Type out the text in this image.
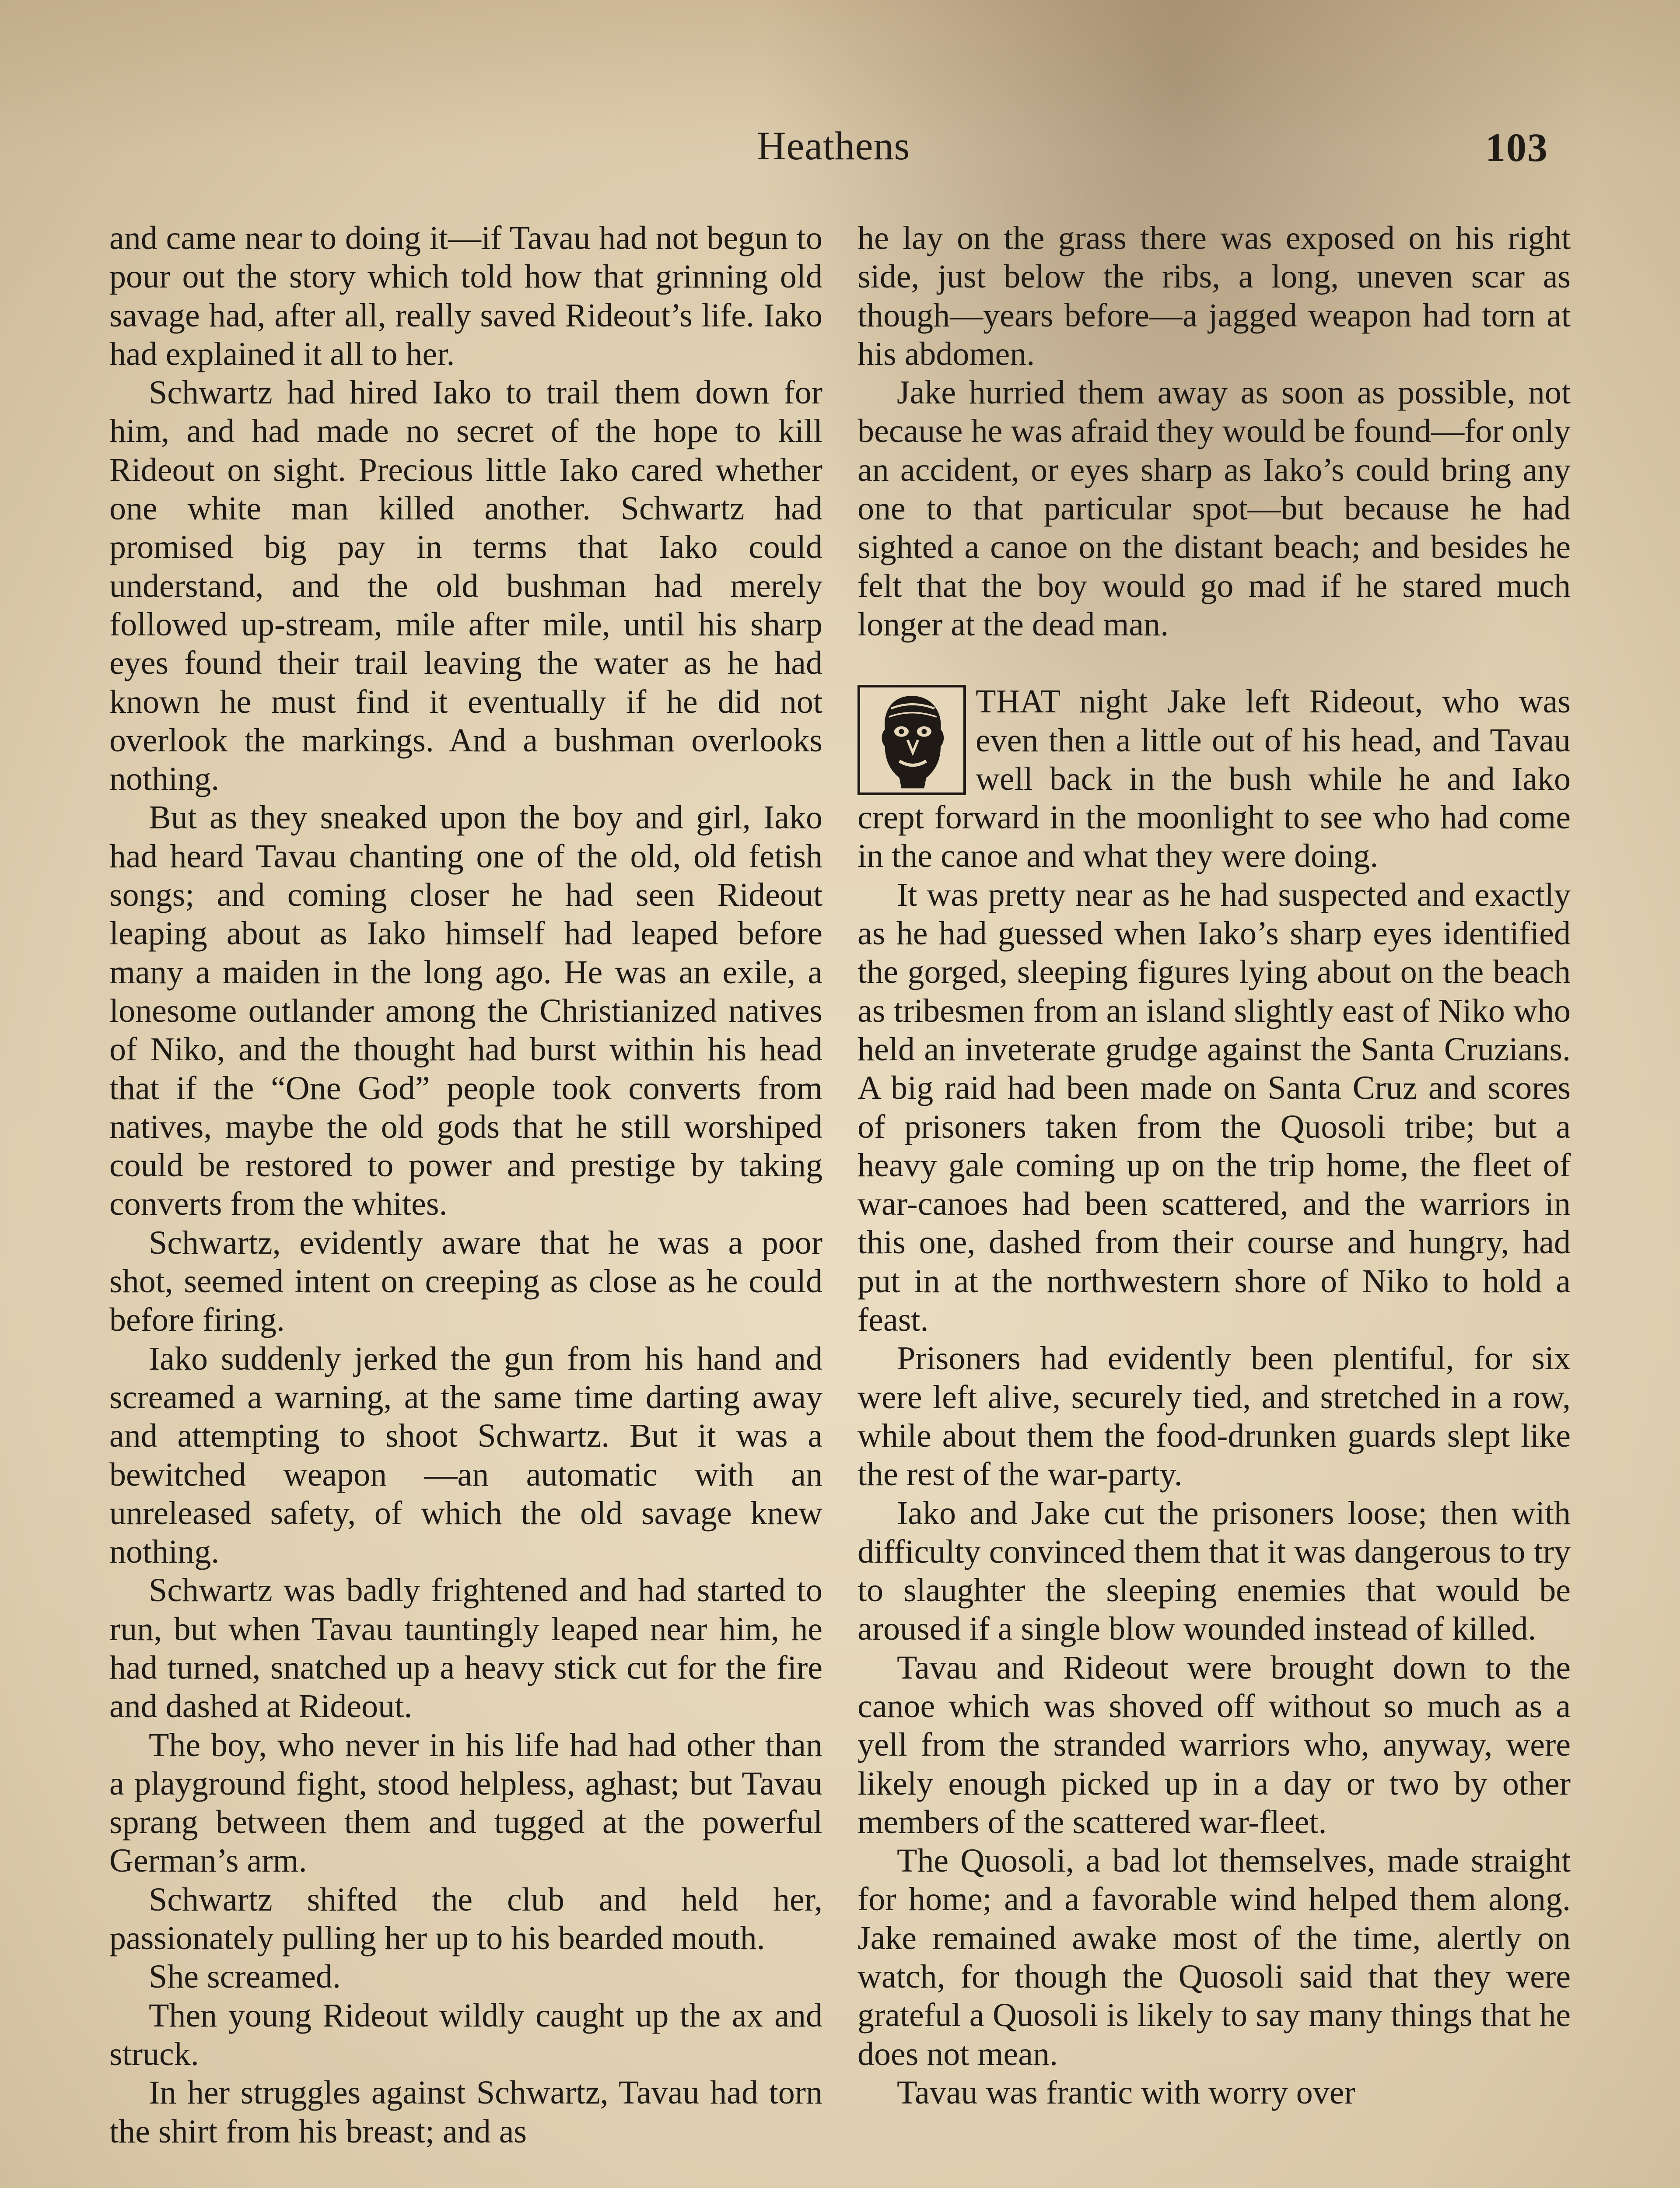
Heathens	103

and came near to doing it—if Tavau had not begun to pour out the story which told how that grinning old savage had, after all, really saved Rideout’s life. Iako had explained it all to her.

Schwartz had hired Iako to trail them down for him, and had made no secret of the hope to kill Rideout on sight. Precious little Iako cared whether one white man killed another. Schwartz had promised big pay in terms that Iako could understand, and the old bushman had merely followed up-stream, mile after mile, until his sharp eyes found their trail leaving the water as he had known he must find it eventually if he did not overlook the markings. And a bushman overlooks nothing.

But as they sneaked upon the boy and girl, Iako had heard Tavau chanting one of the old, old fetish songs; and coming closer he had seen Rideout leaping about as Iako himself had leaped before many a maiden in the long ago. He was an exile, a lonesome outlander among the Christianized natives of Niko, and the thought had burst within his head that if the “One God” people took converts from natives, maybe the old gods that he still worshiped could be restored to power and prestige by taking converts from the whites.

Schwartz, evidently aware that he was a poor shot, seemed intent on creeping as close as he could before firing.

Iako suddenly jerked the gun from his hand and screamed a warning, at the same time darting away and attempting to shoot Schwartz. But it was a bewitched weapon —an automatic with an unreleased safety, of which the old savage knew nothing.

Schwartz was badly frightened and had started to run, but when Tavau tauntingly leaped near him, he had turned, snatched up a heavy stick cut for the fire and dashed at Rideout.

The boy, who never in his life had had other than a playground fight, stood helpless, aghast; but Tavau sprang between them and tugged at the powerful German’s arm.

Schwartz shifted the club and held her, passionately pulling her up to his bearded mouth.

She screamed.

Then young Rideout wildly caught up the ax and struck.

In her struggles against Schwartz, Tavau had torn the shirt from his breast; and as

he lay on the grass there was exposed on his right side, just below the ribs, a long, uneven scar as though—years before—a jagged weapon had torn at his abdomen.

Jake hurried them away as soon as possible, not because he was afraid they would be found—for only an accident, or eyes sharp as Iako’s could bring any one to that particular spot—but because he had sighted a canoe on the distant beach; and besides he felt that the boy would go mad if he stared much longer at the dead man.

THAT night Jake left Rideout, who was even then a little out of his head, and Tavau well back in the bush while he and Iako crept forward in the moonlight to see who had come in the canoe and what they were doing.

It was pretty near as he had suspected and exactly as he had guessed when Iako’s sharp eyes identified the gorged, sleeping figures lying about on the beach as tribesmen from an island slightly east of Niko who held an inveterate grudge against the Santa Cruzians. A big raid had been made on Santa Cruz and scores of prisoners taken from the Quosoli tribe; but a heavy gale coming up on the trip home, the fleet of war-canoes had been scattered, and the warriors in this one, dashed from their course and hungry, had put in at the northwestern shore of Niko to hold a feast.

Prisoners had evidently been plentiful, for six were left alive, securely tied, and stretched in a row, while about them the food-drunken guards slept like the rest of the war-party.

Iako and Jake cut the prisoners loose; then with difficulty convinced them that it was dangerous to try to slaughter the sleeping enemies that would be aroused if a single blow wounded instead of killed.

Tavau and Rideout were brought down to the canoe which was shoved off without so much as a yell from the stranded warriors who, anyway, were likely enough picked up in a day or two by other members of the scattered war-fleet.

The Quosoli, a bad lot themselves, made straight for home; and a favorable wind helped them along. Jake remained awake most of the time, alertly on watch, for though the Quosoli said that they were grateful a Quosoli is likely to say many things that he does not mean.

Tavau was frantic with worry over
